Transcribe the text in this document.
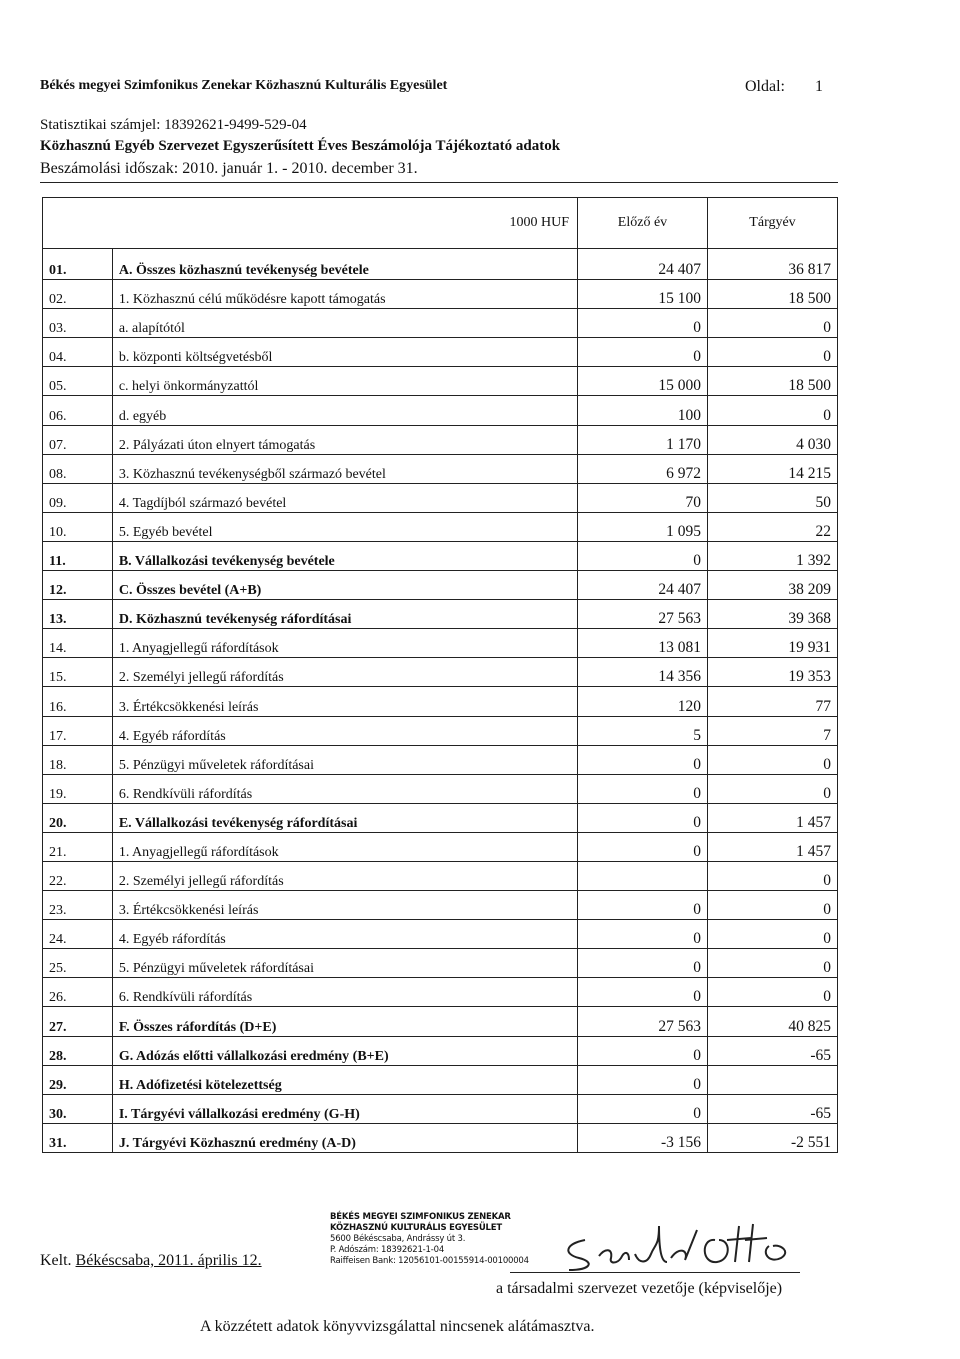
Békés megyei Szimfonikus Zenekar Közhasznú Kulturális Egyesület	Oldal: 1
Statisztikai számjel: 18392621-9499-529-04
Közhasznú Egyéb Szervezet Egyszerűsített Éves Beszámolója Tájékoztató adatok
Beszámolási időszak: 2010. január 1. - 2010. december 31.
1000 HUF		Előző év	Tárgyév
01.	A. Összes közhasznú tevékenység bevétele	24 407	36 817
02.	1. Közhasznú célú működésre kapott támogatás	15 100	18 500
03.	a. alapítótól	0	0
04.	b. központi költségvetésből	0	0
05.	c. helyi önkormányzattól	15 000	18 500
06.	d. egyéb	100	0
07.	2. Pályázati úton elnyert támogatás	1 170	4 030
08.	3. Közhasznú tevékenységből származó bevétel	6 972	14 215
09.	4. Tagdíjból származó bevétel	70	50
10.	5. Egyéb bevétel	1 095	22
11.	B. Vállalkozási tevékenység bevétele	0	1 392
12.	C. Összes bevétel (A+B)	24 407	38 209
13.	D. Közhasznú tevékenység ráfordításai	27 563	39 368
14.	1. Anyagjellegű ráfordítások	13 081	19 931
15.	2. Személyi jellegű ráfordítás	14 356	19 353
16.	3. Értékcsökkenési leírás	120	77
17.	4. Egyéb ráfordítás	5	7
18.	5. Pénzügyi műveletek ráfordításai	0	0
19.	6. Rendkívüli ráfordítás	0	0
20.	E. Vállalkozási tevékenység ráfordításai	0	1 457
21.	1. Anyagjellegű ráfordítások	0	1 457
22.	2. Személyi jellegű ráfordítás		0
23.	3. Értékcsökkenési leírás	0	0
24.	4. Egyéb ráfordítás	0	0
25.	5. Pénzügyi műveletek ráfordításai	0	0
26.	6. Rendkívüli ráfordítás	0	0
27.	F. Összes ráfordítás (D+E)	27 563	40 825
28.	G. Adózás előtti vállalkozási eredmény (B+E)	0	-65
29.	H. Adófizetési kötelezettség	0	
30.	I. Tárgyévi vállalkozási eredmény (G-H)	0	-65
31.	J. Tárgyévi Közhasznú eredmény (A-D)	-3 156	-2 551
Kelt. Békéscsaba, 2011. április 12.
BÉKÉS MEGYEI SZIMFONIKUS ZENEKAR
KÖZHASZNÚ KULTURÁLIS EGYESÜLET
5600 Békéscsaba, Andrássy út 3.
P. Adószám: 18392621-1-04
Raiffeisen Bank: 12056101-00155914-00100004
a társadalmi szervezet vezetője (képviselője)
A közzétett adatok könyvvizsgálattal nincsenek alátámasztva.
